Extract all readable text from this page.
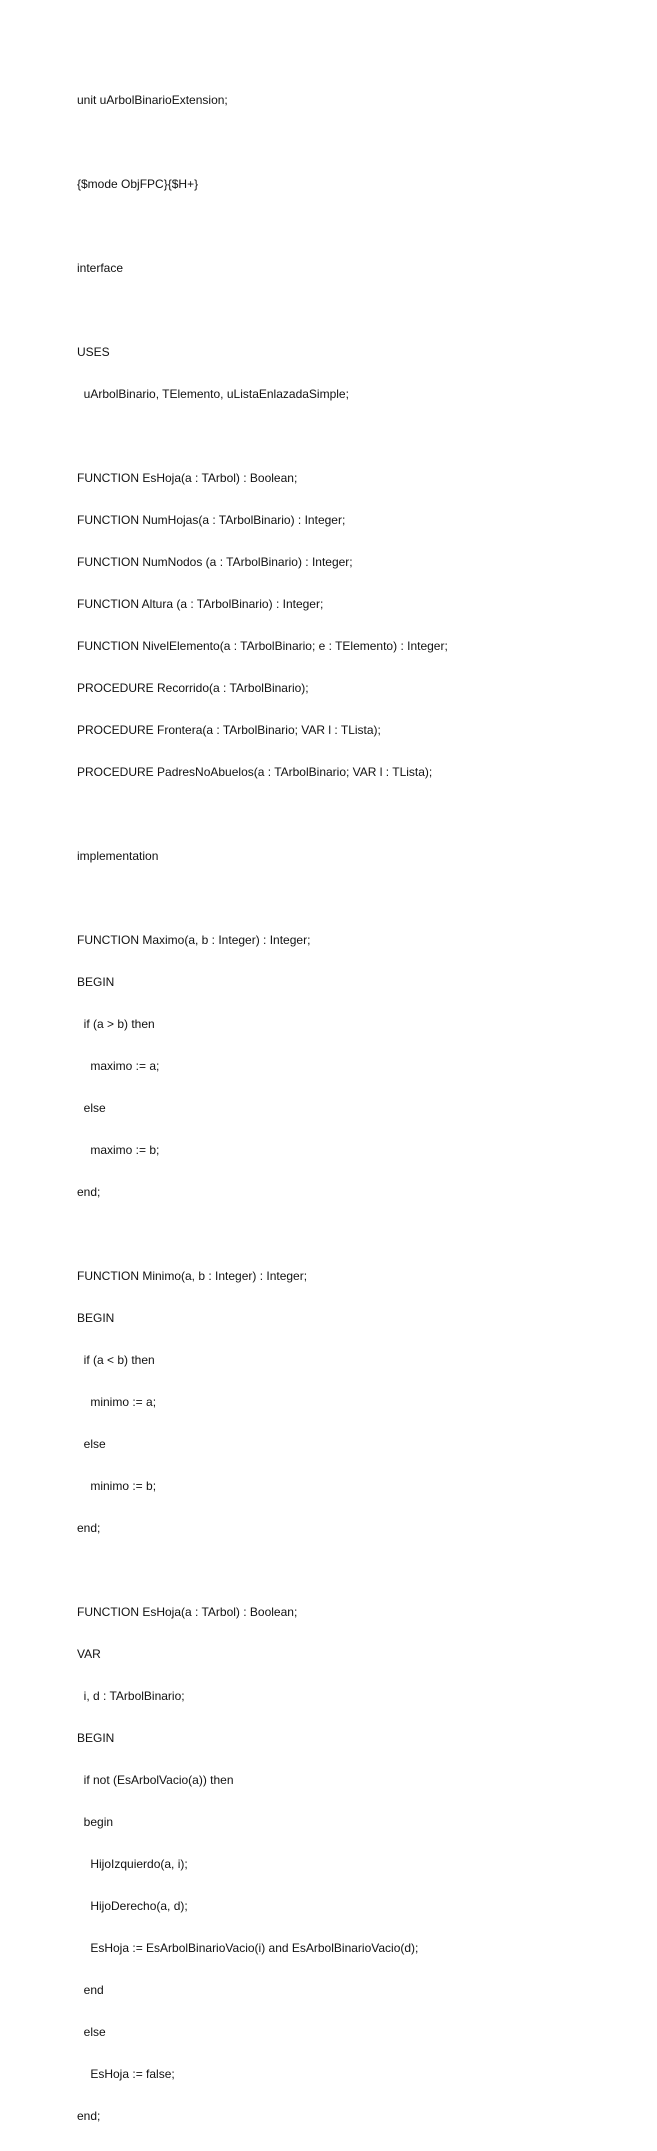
unit uArbolBinarioExtension;

{$mode ObjFPC}{$H+}

interface

USES

uArbolBinario, TElemento, uListaEnlazadaSimple;

FUNCTION EsHoja(a : TArbol) : Boolean;

FUNCTION NumHojas(a : TArbolBinario) : Integer;

FUNCTION NumNodos (a : TArbolBinario) : Integer;

FUNCTION Altura (a : TArbolBinario) : Integer;

FUNCTION NivelElemento(a : TArbolBinario; e : TElemento) : Integer;

PROCEDURE Recorrido(a : TArbolBinario);

PROCEDURE Frontera(a : TArbolBinario; VAR l : TLista);

PROCEDURE PadresNoAbuelos(a : TArbolBinario; VAR l : TLista);

implementation

FUNCTION Maximo(a, b : Integer) : Integer;

BEGIN

if (a > b) then

maximo := a;

else

maximo := b;

end;

FUNCTION Minimo(a, b : Integer) : Integer;

BEGIN

if (a < b) then

minimo := a;

else

minimo := b;

end;

FUNCTION EsHoja(a : TArbol) : Boolean;

VAR

i, d : TArbolBinario;

BEGIN

if not (EsArbolVacio(a)) then

begin

HijoIzquierdo(a, i);

HijoDerecho(a, d);

EsHoja := EsArbolBinarioVacio(i) and EsArbolBinarioVacio(d);

end

else

EsHoja := false;

end;
